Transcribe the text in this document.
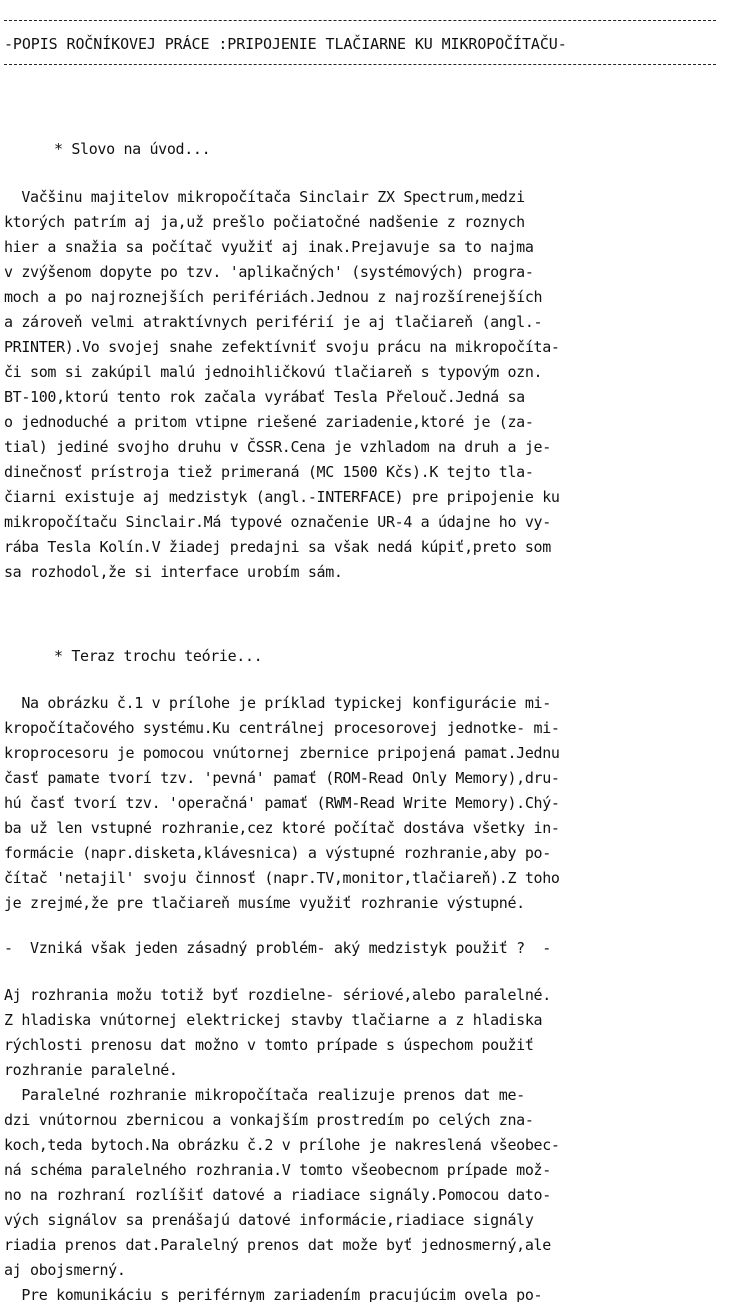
-POPIS ROČNÍKOVEJ PRÁCE :PRIPOJENIE TLAČIARNE KU MIKROPOČÍTAČU-
* Slovo na úvod...
Vačšinu majitelov mikropočítača Sinclair ZX Spectrum,medzi
ktorých patrím aj ja,už prešlo počiatočné nadšenie z roznych
hier a snažia sa počítač využiť aj inak.Prejavuje sa to najma
v zvýšenom dopyte po tzv. 'aplikačných' (systémových) progra-
moch a po najroznejších perifériách.Jednou z najrozšírenejších
a zároveň velmi atraktívnych periférií je aj tlačiareň (angl.-
PRINTER).Vo svojej snahe zefektívniť svoju prácu na mikropočíta-
či som si zakúpil malú jednoihličkovú tlačiareň s typovým ozn.
BT-100,ktorú tento rok začala vyrábať Tesla Přelouč.Jedná sa
o jednoduché a pritom vtipne riešené zariadenie,ktoré je (za-
tial) jediné svojho druhu v ČSSR.Cena je vzhladom na druh a je-
dinečnosť prístroja tiež primeraná (MC 1500 Kčs).K tejto tla-
čiarni existuje aj medzistyk (angl.-INTERFACE) pre pripojenie ku
mikropočítaču Sinclair.Má typové označenie UR-4 a údajne ho vy-
rába Tesla Kolín.V žiadej predajni sa však nedá kúpiť,preto som
sa rozhodol,že si interface urobím sám.
* Teraz trochu teórie...
Na obrázku č.1 v prílohe je príklad typickej konfigurácie mi-
kropočítačového systému.Ku centrálnej procesorovej jednotke- mi-
kroprocesoru je pomocou vnútornej zbernice pripojená pamat.Jednu
časť pamate tvorí tzv. 'pevná' pamať (ROM-Read Only Memory),dru-
hú časť tvorí tzv. 'operačná' pamať (RWM-Read Write Memory).Chý-
ba už len vstupné rozhranie,cez ktoré počítač dostáva všetky in-
formácie (napr.disketa,klávesnica) a výstupné rozhranie,aby po-
čítač 'netajil' svoju činnosť (napr.TV,monitor,tlačiareň).Z toho
je zrejmé,že pre tlačiareň musíme využiť rozhranie výstupné.
-  Vzniká však jeden zásadný problém- aký medzistyk použiť ?  -
Aj rozhrania možu totiž byť rozdielne- sériové,alebo paralelné.
Z hladiska vnútornej elektrickej stavby tlačiarne a z hladiska
rýchlosti prenosu dat možno v tomto prípade s úspechom použiť
rozhranie paralelné.
Paralelné rozhranie mikropočítača realizuje prenos dat me-
dzi vnútornou zbernicou a vonkajším prostredím po celých zna-
koch,teda bytoch.Na obrázku č.2 v prílohe je nakreslená všeobec-
ná schéma paralelného rozhrania.V tomto všeobecnom prípade mož-
no na rozhraní rozlíšiť datové a riadiace signály.Pomocou dato-
vých signálov sa prenášajú datové informácie,riadiace signály
riadia prenos dat.Paralelný prenos dat može byť jednosmerný,ale
aj obojsmerný.
Pre komunikáciu s periférnym zariadením pracujúcim ovela po-
